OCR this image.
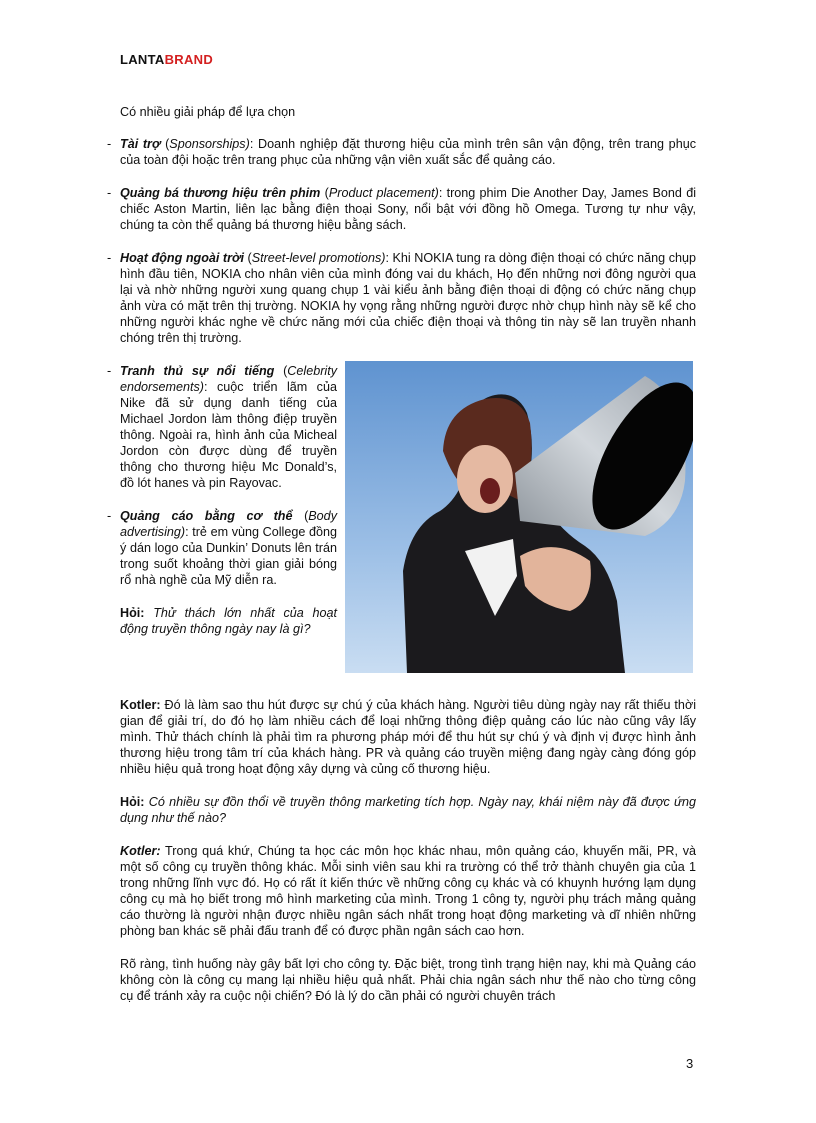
LANTABRAND

Có nhiều giải pháp để lựa chọn

- Tài trợ (Sponsorships): Doanh nghiệp đặt thương hiệu của mình trên sân vận động, trên trang phục của toàn đội hoặc trên trang phục của những vận viên xuất sắc để quảng cáo.
- Quảng bá thương hiệu trên phim (Product placement): trong phim Die Another Day, James Bond đi chiếc Aston Martin, liên lạc bằng điện thoại Sony, nổi bật với đồng hồ Omega. Tương tự như vậy, chúng ta còn thể quảng bá thương hiệu bằng sách.
- Hoạt động ngoài trời (Street-level promotions): Khi NOKIA tung ra dòng điện thoại có chức năng chụp hình đầu tiên, NOKIA cho nhân viên của mình đóng vai du khách, Họ đến những nơi đông người qua lại và nhờ những người xung quang chụp 1 vài kiểu ảnh bằng điện thoại di động có chức năng chụp ảnh vừa có mặt trên thị trường. NOKIA hy vọng rằng những người được nhờ chụp hình này sẽ kể cho những người khác nghe về chức năng mới của chiếc điện thoại và thông tin này sẽ lan truyền nhanh chóng trên thị trường.
- Tranh thủ sự nổi tiếng (Celebrity endorsements): cuộc triển lãm của Nike đã sử dụng danh tiếng của Michael Jordon làm thông điệp truyền thông. Ngoài ra, hình ảnh của Micheal Jordon còn được dùng để truyền thông cho thương hiệu Mc Donald’s, đồ lót hanes và pin Rayovac.
- Quảng cáo bằng cơ thể (Body advertising): trẻ em vùng College đồng ý dán logo của Dunkin’ Donuts lên trán trong suốt khoảng thời gian giải bóng rổ nhà nghề của Mỹ diễn ra.

Hỏi: Thử thách lớn nhất của hoạt động truyền thông ngày nay là gì?

Kotler: Đó là làm sao thu hút được sự chú ý của khách hàng. Người tiêu dùng ngày nay rất thiếu thời gian để giải trí, do đó họ làm nhiều cách để loại những thông điệp quảng cáo lúc nào cũng vây lấy mình. Thử thách chính là phải tìm ra phương pháp mới để thu hút sự chú ý và định vị được hình ảnh thương hiệu trong tâm trí của khách hàng. PR và quảng cáo truyền miệng đang ngày càng đóng góp nhiều hiệu quả trong hoạt động xây dựng và củng cố thương hiệu.

Hỏi: Có nhiều sự đồn thổi về truyền thông marketing tích hợp. Ngày nay, khái niệm này đã được ứng dụng như thế nào?

Kotler: Trong quá khứ, Chúng ta học các môn học khác nhau, môn quảng cáo, khuyến mãi, PR, và một số công cụ truyền thông khác. Mỗi sinh viên sau khi ra trường có thể trở thành chuyên gia của 1 trong những lĩnh vực đó. Họ có rất ít kiến thức về những công cụ khác và có khuynh hướng lạm dụng công cụ mà họ biết trong mô hình marketing của mình. Trong 1 công ty, người phụ trách mảng quảng cáo thường là người nhận được nhiều ngân sách nhất trong hoạt động marketing và dĩ nhiên những phòng ban khác sẽ phải đấu tranh để có được phần ngân sách cao hơn.

Rõ ràng, tình huống này gây bất lợi cho công ty. Đặc biệt, trong tình trạng hiện nay, khi mà Quảng cáo không còn là công cụ mang lại nhiều hiệu quả nhất. Phải chia ngân sách như thế nào cho từng công cụ để tránh xảy ra cuộc nội chiến? Đó là lý do cần phải có người chuyên trách

3
